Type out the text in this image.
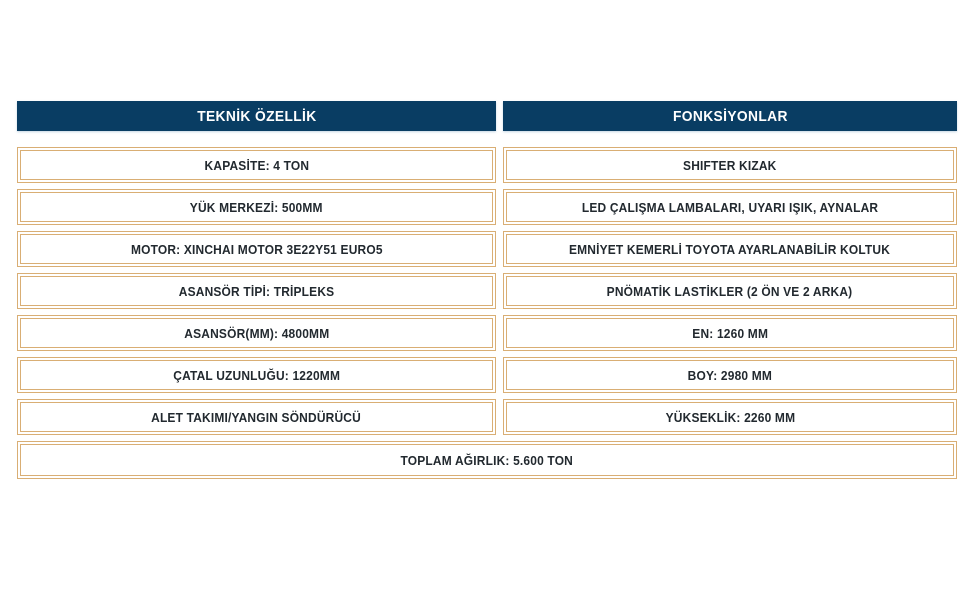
TEKNİK ÖZELLİK	FONKSİYONLAR
KAPASİTE: 4 TON	SHIFTER KIZAK
YÜK MERKEZİ: 500MM	LED ÇALIŞMA LAMBALARI, UYARI IŞIK, AYNALAR
MOTOR: XINCHAI MOTOR 3E22Y51 EURO5	EMNİYET KEMERLİ TOYOTA AYARLANABİLİR KOLTUK
ASANSÖR TİPİ: TRİPLEKS	PNÖMATİK LASTİKLER (2 ÖN VE 2 ARKA)
ASANSÖR(MM): 4800MM	EN: 1260 MM
ÇATAL UZUNLUĞU: 1220MM	BOY: 2980 MM
ALET TAKIMI/YANGIN SÖNDÜRÜCÜ	YÜKSEKLİK: 2260 MM
TOPLAM AĞIRLIK: 5.600 TON
